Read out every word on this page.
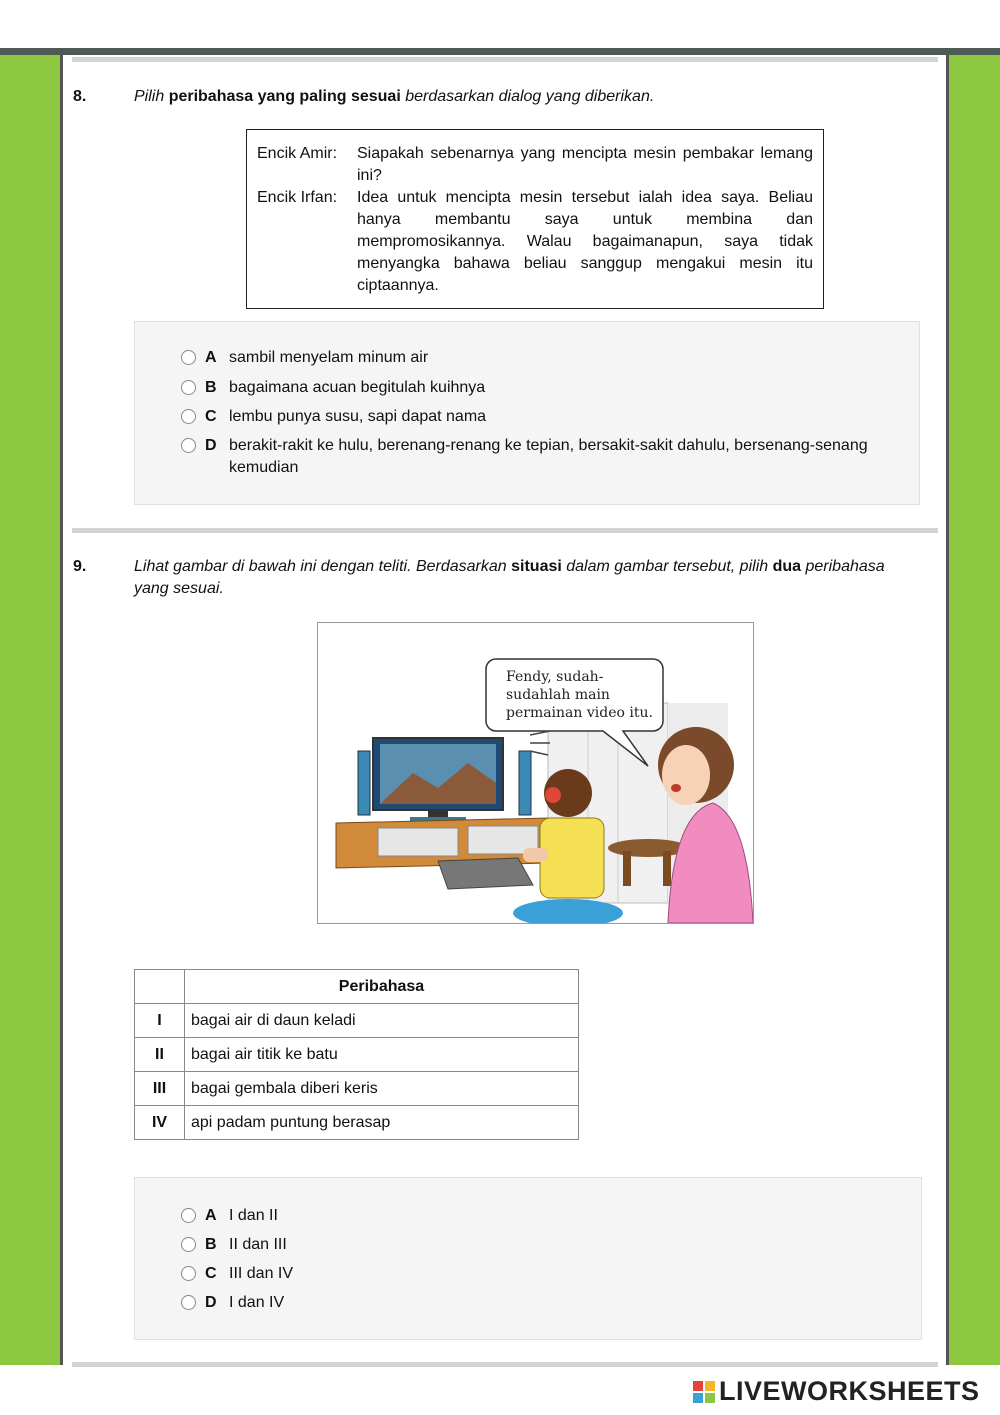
8.	Pilih peribahasa yang paling sesuai berdasarkan dialog yang diberikan.
Encik Amir:	Siapakah sebenarnya yang mencipta mesin pembakar lemang ini?
Encik Irfan:	Idea untuk mencipta mesin tersebut ialah idea saya. Beliau hanya membantu saya untuk membina dan mempromosikannya. Walau bagaimanapun, saya tidak menyangka bahawa beliau sanggup mengakui mesin itu ciptaannya.
A sambil menyelam minum air
B bagaimana acuan begitulah kuihnya
C lembu punya susu, sapi dapat nama
D berakit-rakit ke hulu, berenang-renang ke tepian, bersakit-sakit dahulu, bersenang-senang kemudian
9.	Lihat gambar di bawah ini dengan teliti. Berdasarkan situasi dalam gambar tersebut, pilih dua peribahasa yang sesuai.
Fendy, sudah-sudahlah main permainan video itu.
	Peribahasa
I	bagai air di daun keladi
II	bagai air titik ke batu
III	bagai gembala diberi keris
IV	api padam puntung berasap
A I dan II
B II dan III
C III dan IV
D I dan IV
LIVEWORKSHEETS
